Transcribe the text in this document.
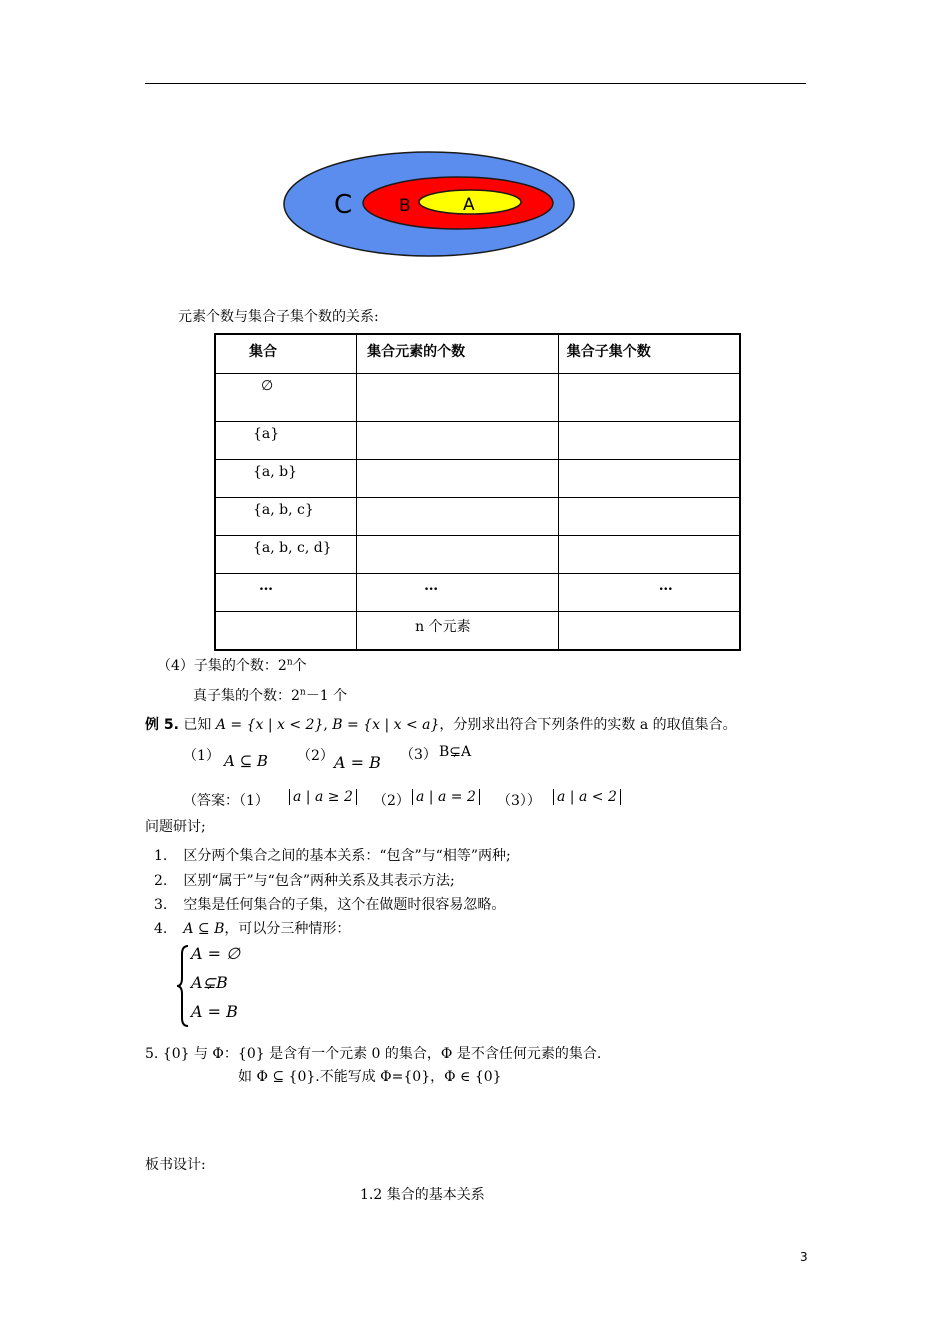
C	B	A
元素个数与集合子集个数的关系:
集合	集合元素的个数	集合子集个数

∅		

{a}		

{a, b}		

{a, b, c}		

{a, b, c, d}		

…	…	…

	n 个元素	

（4）子集的个数：2$^n$个
真子集的个数：$2^n-1$ 个
例 5. 已知 A = {x | x < 2}, B = {x | x < a}，分别求出符合下列条件的实数 a 的取值集合。
（1） A ⊆ B （2） A = B （3） B⊊A
（答案：（1） a | a ≥ 2 （2） a | a = 2 （3）） a | a < 2
问题研讨;
1. 区分两个集合之间的基本关系：“包含”与“相等”两种;
2. 区别“属于”与“包含”两种关系及其表示方法;
3. 空集是任何集合的子集，这个在做题时很容易忽略。
4. A ⊆ B，可以分三种情形：
A = ∅
A⊊B
A = B
5. {0} 与 Φ：{0} 是含有一个元素 0 的集合，Φ 是不含任何元素的集合.
如 Φ ⊆ {0}.不能写成 Φ={0}，Φ ∈ {0}
板书设计:
1.2 集合的基本关系
3
